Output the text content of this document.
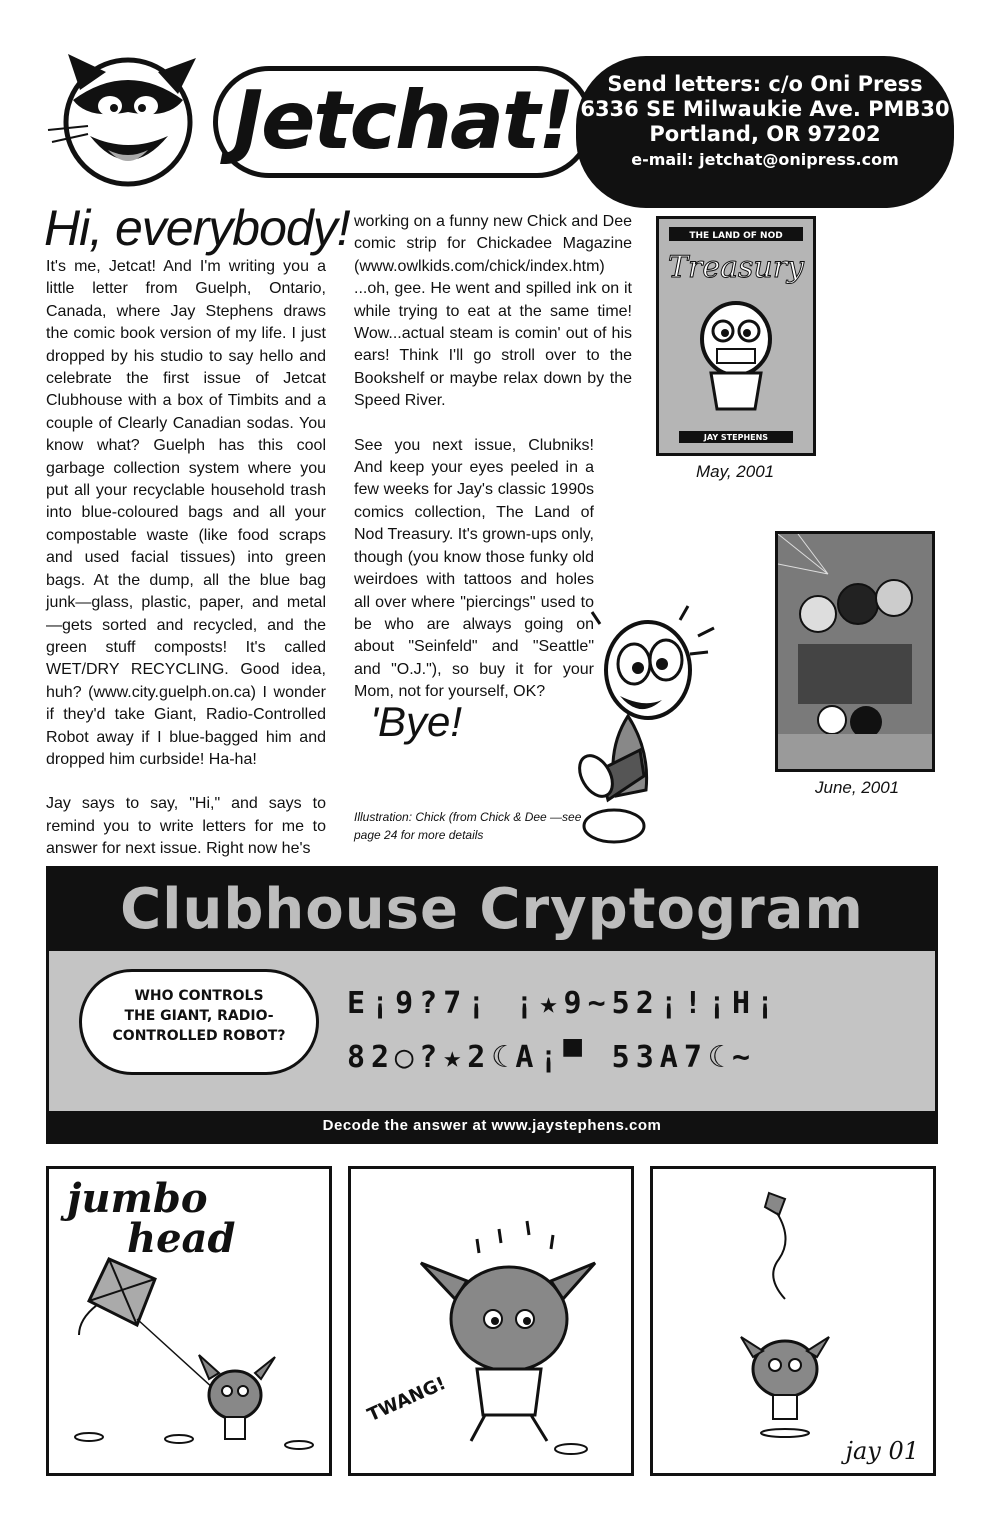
Jetchat!	Send letters: c/o Oni Press
6336 SE Milwaukie Ave. PMB30
Portland, OR 97202
e-mail: jetchat@onipress.com
Hi, everybody!

It's me, Jetcat! And I'm writing you a little letter from Guelph, Ontario, Canada, where Jay Stephens draws the comic book version of my life. I just dropped by his studio to say hello and celebrate the first issue of Jetcat Clubhouse with a box of Timbits and a couple of Clearly Canadian sodas. You know what? Guelph has this cool garbage collection system where you put all your recyclable household trash into blue-coloured bags and all your compostable waste (like food scraps and used facial tissues) into green bags. At the dump, all the blue bag junk—glass, plastic, paper, and metal—gets sorted and recycled, and the green stuff composts! It's called WET/DRY RECYCLING. Good idea, huh? (www.city.guelph.on.ca) I wonder if they'd take Giant, Radio-Controlled Robot away if I blue-bagged him and dropped him curbside! Ha-ha!

Jay says to say, "Hi," and says to remind you to write letters for me to answer for next issue. Right now he's

working on a funny new Chick and Dee comic strip for Chickadee Magazine (www.owlkids.com/chick/index.htm) ...oh, gee. He went and spilled ink on it while trying to eat at the same time! Wow...actual steam is comin' out of his ears! Think I'll go stroll over to the Bookshelf or maybe relax down by the Speed River.

See you next issue, Clubniks! And keep your eyes peeled in a few weeks for Jay's classic 1990s comics collection, The Land of Nod Treasury. It's grown-ups only, though (you know those funky old weirdoes with tattoos and holes all over where "piercings" used to be who are always going on about "Seinfeld" and "Seattle" and "O.J."), so buy it for your Mom, not for yourself, OK?

'Bye!
Illustration: Chick (from Chick & Dee —see page 24 for more details
THE LAND OF NOD
Treasury
JAY STEPHENS
May, 2001
June, 2001
Clubhouse Cryptogram
WHO CONTROLS
THE GIANT, RADIO-
CONTROLLED ROBOT?
E¡9?7¡ ¡★9~52¡!¡H¡
82◯?★2☾A¡▀ 53A7☾~
Decode the answer at www.jaystephens.com
jumbo
head
TWANG!
jay 01
